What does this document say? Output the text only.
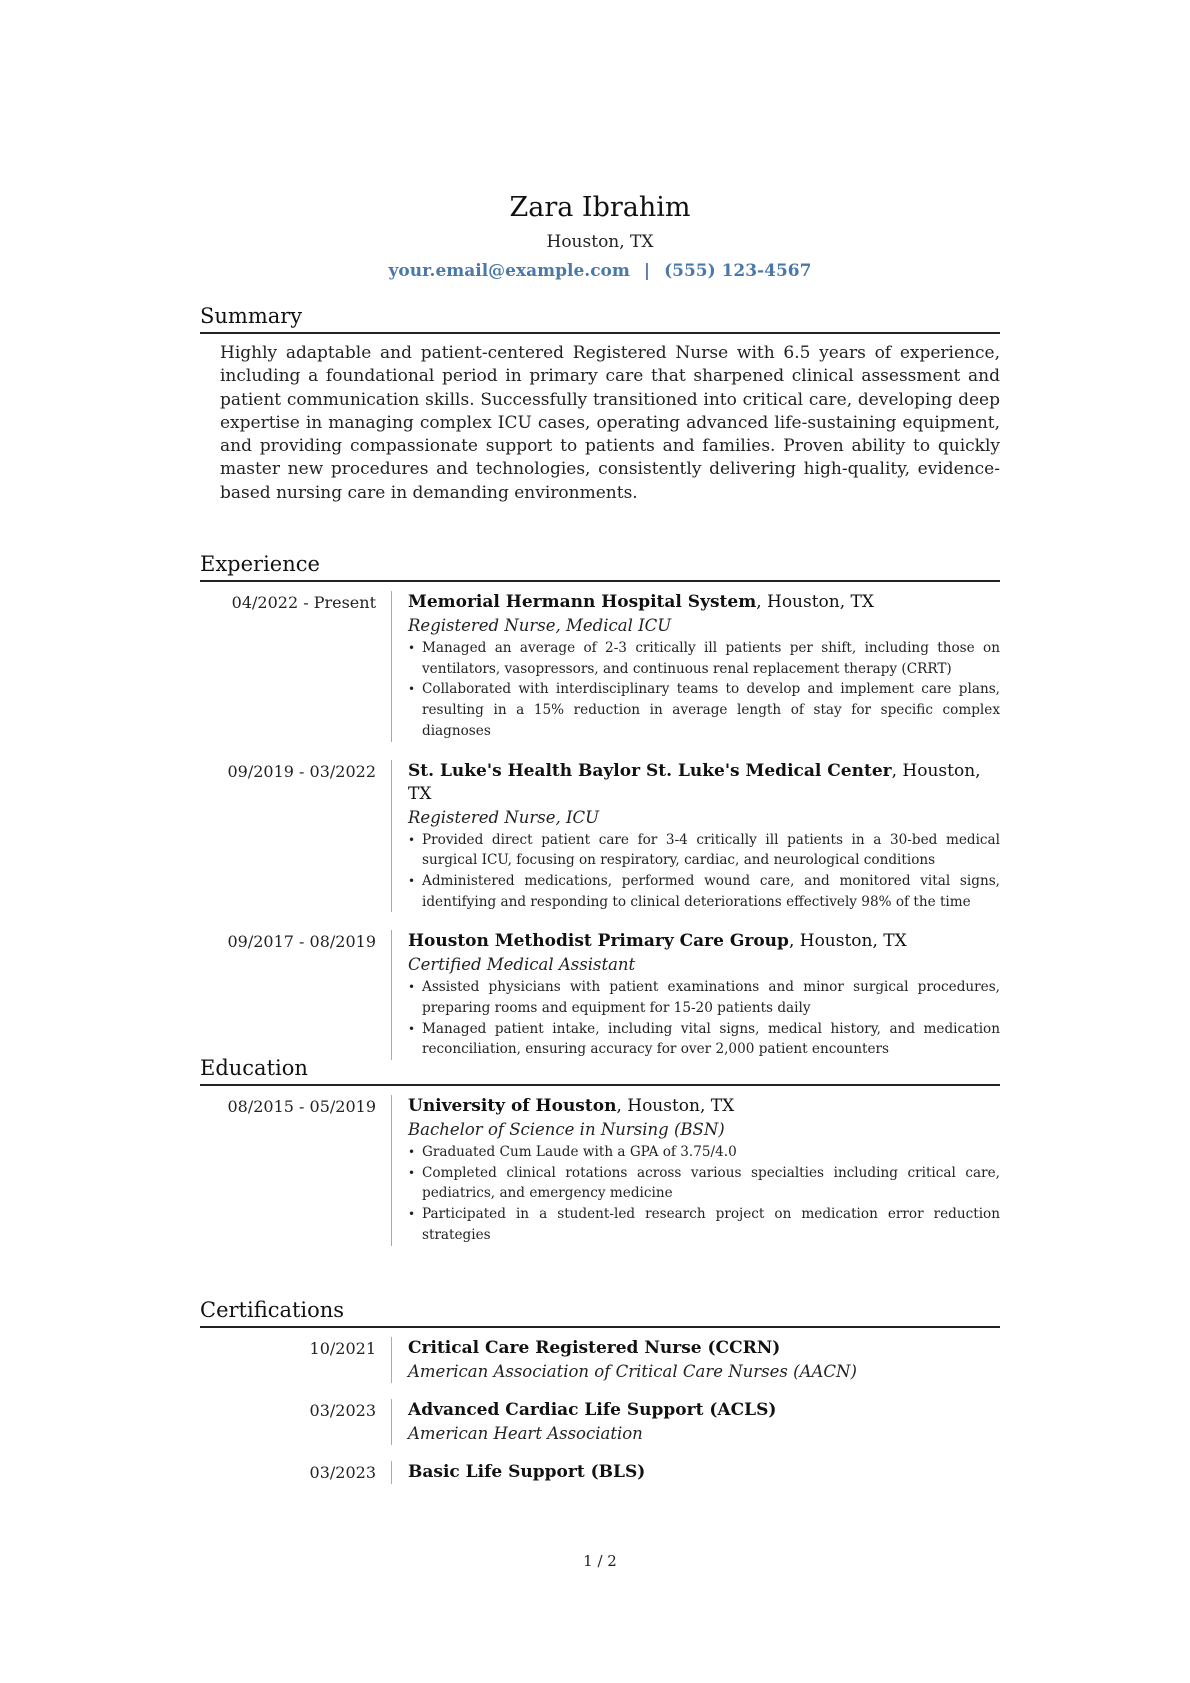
Zara Ibrahim
Houston, TX
your.email@example.com | (555) 123-4567
Summary
Highly adaptable and patient-centered Registered Nurse with 6.5 years of experience, including a foundational period in primary care that sharpened clinical assessment and patient communication skills. Successfully transitioned into critical care, developing deep expertise in managing complex ICU cases, operating advanced life-sustaining equipment, and providing compassionate support to patients and families. Proven ability to quickly master new procedures and technologies, consistently delivering high-quality, evidence-based nursing care in demanding environments.
Experience
04/2022 - Present Memorial Hermann Hospital System, Houston, TX
Registered Nurse, Medical ICU
• Managed an average of 2-3 critically ill patients per shift, including those on ventilators, vasopressors, and continuous renal replacement therapy (CRRT)
• Collaborated with interdisciplinary teams to develop and implement care plans, resulting in a 15% reduction in average length of stay for specific complex diagnoses
09/2019 - 03/2022 St. Luke's Health Baylor St. Luke's Medical Center, Houston, TX
Registered Nurse, ICU
• Provided direct patient care for 3-4 critically ill patients in a 30-bed medical surgical ICU, focusing on respiratory, cardiac, and neurological conditions
• Administered medications, performed wound care, and monitored vital signs, identifying and responding to clinical deteriorations effectively 98% of the time
09/2017 - 08/2019 Houston Methodist Primary Care Group, Houston, TX
Certified Medical Assistant
• Assisted physicians with patient examinations and minor surgical procedures, preparing rooms and equipment for 15-20 patients daily
• Managed patient intake, including vital signs, medical history, and medication reconciliation, ensuring accuracy for over 2,000 patient encounters
Education
08/2015 - 05/2019 University of Houston, Houston, TX
Bachelor of Science in Nursing (BSN)
• Graduated Cum Laude with a GPA of 3.75/4.0
• Completed clinical rotations across various specialties including critical care, pediatrics, and emergency medicine
• Participated in a student-led research project on medication error reduction strategies
Certifications
10/2021 Critical Care Registered Nurse (CCRN)
American Association of Critical Care Nurses (AACN)
03/2023 Advanced Cardiac Life Support (ACLS)
American Heart Association
03/2023 Basic Life Support (BLS)
1 / 2
